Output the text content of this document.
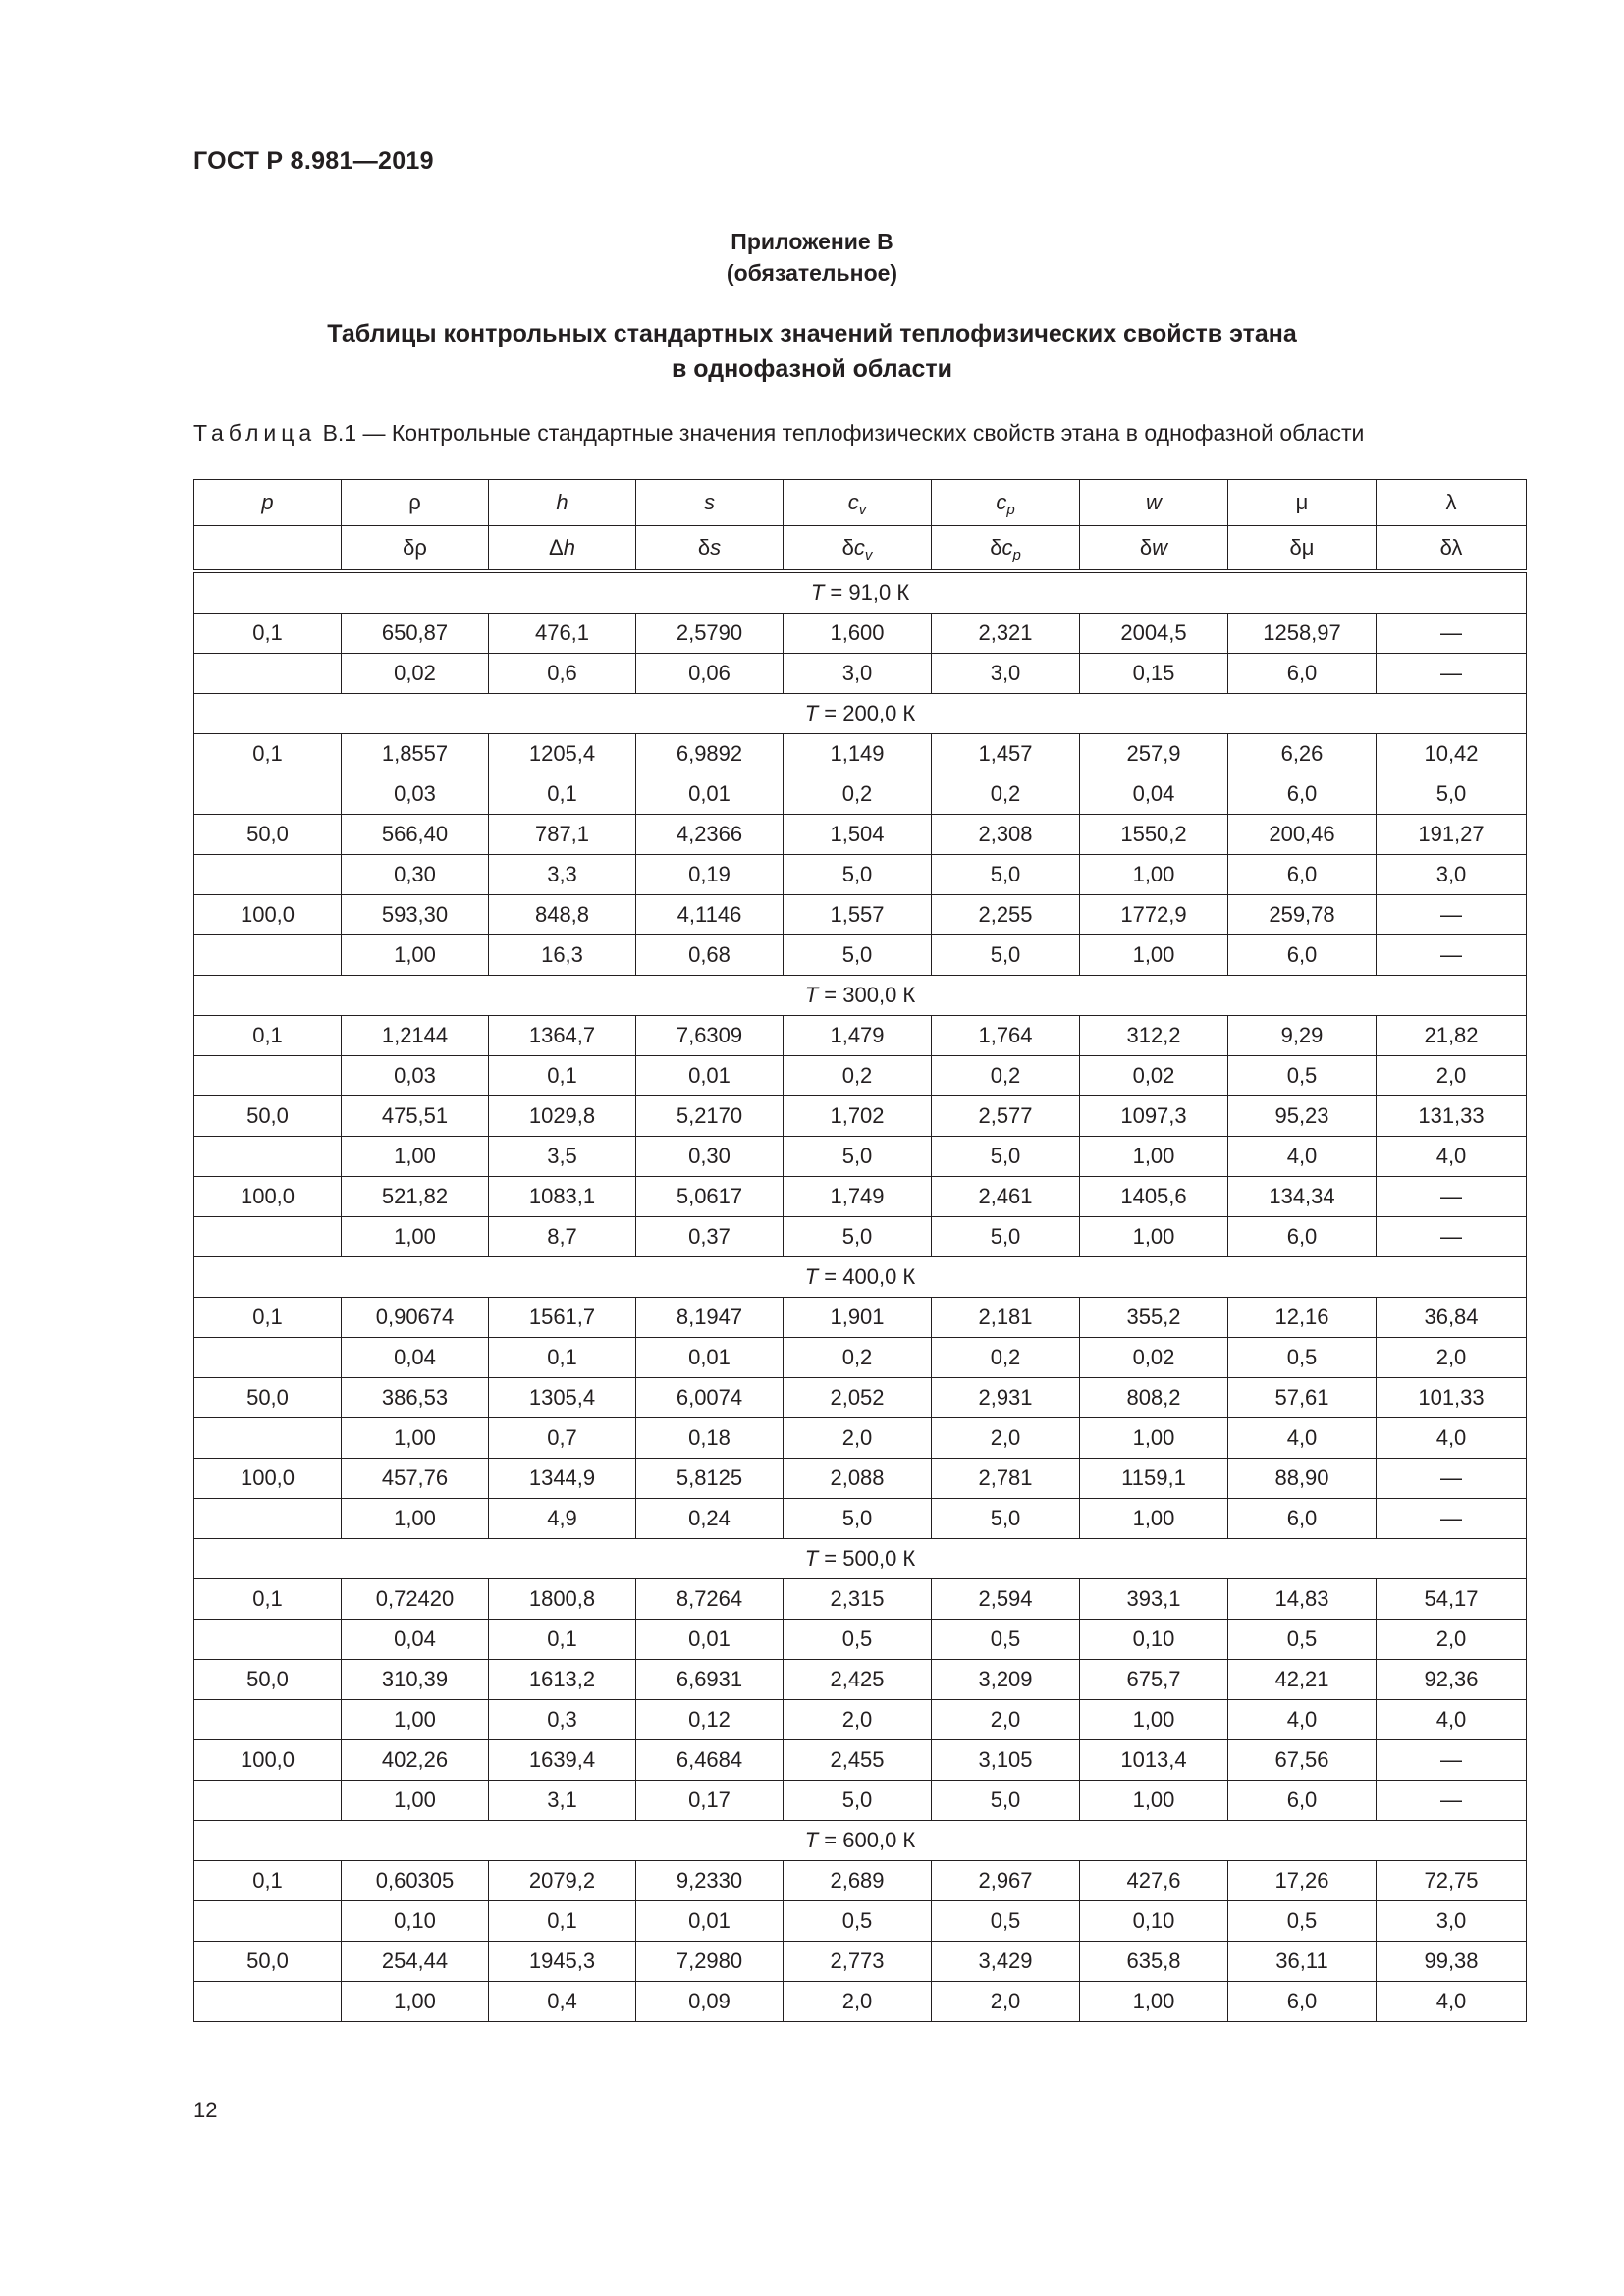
ГОСТ Р 8.981—2019
Приложение В
(обязательное)
Таблицы контрольных стандартных значений теплофизических свойств этана
в однофазной области
Таблица В.1 — Контрольные стандартные значения теплофизических свойств этана в однофазной области
p	ρ	h	s	$c_v$	$c_p$	w	μ	λ
	δρ	Δh	δs	$\delta c_v$	$\delta c_p$	δw	δμ	δλ
T = 91,0 К								
0,1	650,87	476,1	2,5790	1,600	2,321	2004,5	1258,97	—
	0,02	0,6	0,06	3,0	3,0	0,15	6,0	—
T = 200,0 К								
0,1	1,8557	1205,4	6,9892	1,149	1,457	257,9	6,26	10,42
	0,03	0,1	0,01	0,2	0,2	0,04	6,0	5,0
50,0	566,40	787,1	4,2366	1,504	2,308	1550,2	200,46	191,27
	0,30	3,3	0,19	5,0	5,0	1,00	6,0	3,0
100,0	593,30	848,8	4,1146	1,557	2,255	1772,9	259,78	—
	1,00	16,3	0,68	5,0	5,0	1,00	6,0	—
T = 300,0 К								
0,1	1,2144	1364,7	7,6309	1,479	1,764	312,2	9,29	21,82
	0,03	0,1	0,01	0,2	0,2	0,02	0,5	2,0
50,0	475,51	1029,8	5,2170	1,702	2,577	1097,3	95,23	131,33
	1,00	3,5	0,30	5,0	5,0	1,00	4,0	4,0
100,0	521,82	1083,1	5,0617	1,749	2,461	1405,6	134,34	—
	1,00	8,7	0,37	5,0	5,0	1,00	6,0	—
T = 400,0 К								
0,1	0,90674	1561,7	8,1947	1,901	2,181	355,2	12,16	36,84
	0,04	0,1	0,01	0,2	0,2	0,02	0,5	2,0
50,0	386,53	1305,4	6,0074	2,052	2,931	808,2	57,61	101,33
	1,00	0,7	0,18	2,0	2,0	1,00	4,0	4,0
100,0	457,76	1344,9	5,8125	2,088	2,781	1159,1	88,90	—
	1,00	4,9	0,24	5,0	5,0	1,00	6,0	—
T = 500,0 К								
0,1	0,72420	1800,8	8,7264	2,315	2,594	393,1	14,83	54,17
	0,04	0,1	0,01	0,5	0,5	0,10	0,5	2,0
50,0	310,39	1613,2	6,6931	2,425	3,209	675,7	42,21	92,36
	1,00	0,3	0,12	2,0	2,0	1,00	4,0	4,0
100,0	402,26	1639,4	6,4684	2,455	3,105	1013,4	67,56	—
	1,00	3,1	0,17	5,0	5,0	1,00	6,0	—
T = 600,0 К								
0,1	0,60305	2079,2	9,2330	2,689	2,967	427,6	17,26	72,75
	0,10	0,1	0,01	0,5	0,5	0,10	0,5	3,0
50,0	254,44	1945,3	7,2980	2,773	3,429	635,8	36,11	99,38
	1,00	0,4	0,09	2,0	2,0	1,00	6,0	4,0
12
